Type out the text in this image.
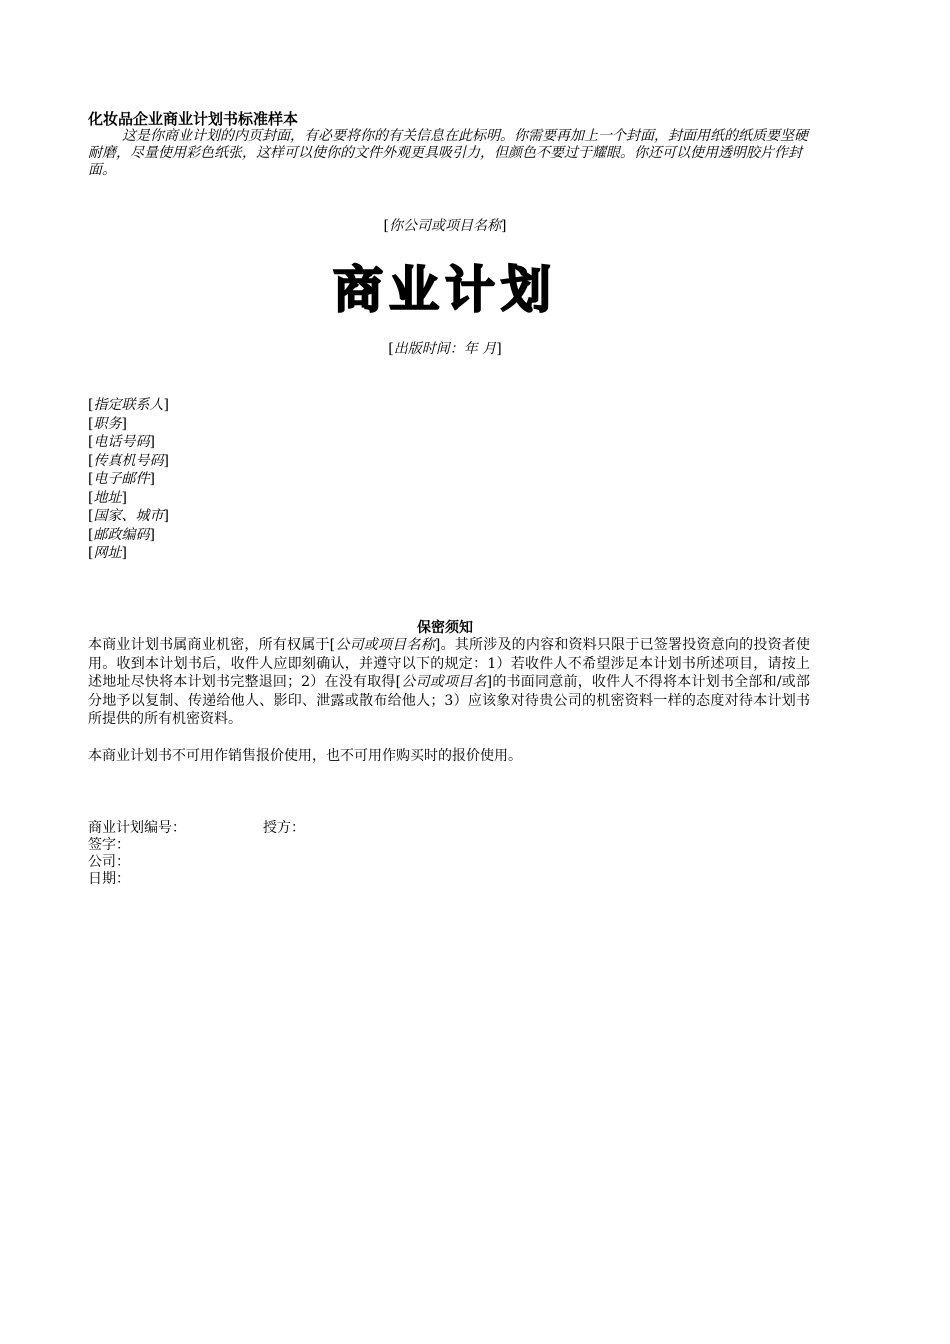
化妆品企业商业计划书标准样本

这是你商业计划的内页封面，有必要将你的有关信息在此标明。你需要再加上一个封面，封面用纸的纸质要坚硬耐磨，尽量使用彩色纸张，这样可以使你的文件外观更具吸引力，但颜色不要过于耀眼。你还可以使用透明胶片作封面。

[你公司或项目名称]
商业计划
[出版时间：年 月]
[指定联系人]
[职务]
[电话号码]
[传真机号码]
[电子邮件]
[地址]
[国家、城市]
[邮政编码]
[网址]
保密须知

本商业计划书属商业机密，所有权属于[公司或项目名称]。其所涉及的内容和资料只限于已签署投资意向的投资者使用。收到本计划书后，收件人应即刻确认，并遵守以下的规定：1）若收件人不希望涉足本计划书所述项目，请按上述地址尽快将本计划书完整退回；2）在没有取得[公司或项目名]的书面同意前，收件人不得将本计划书全部和/或部分地予以复制、传递给他人、影印、泄露或散布给他人；3）应该象对待贵公司的机密资料一样的态度对待本计划书所提供的所有机密资料。

本商业计划书不可用作销售报价使用，也不可用作购买时的报价使用。

商业计划编号：	授方：
签字：
公司：
日期：
